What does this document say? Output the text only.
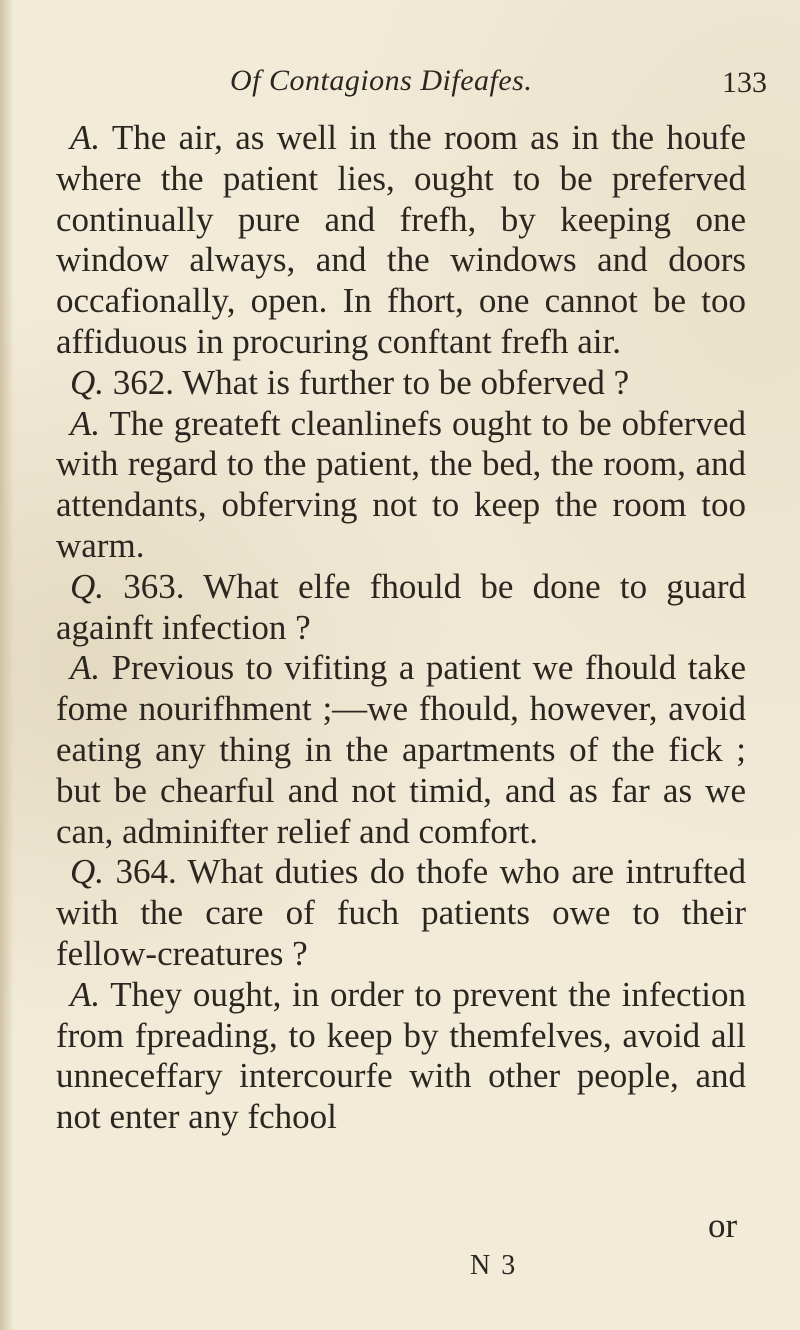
Of Contagions Difeafes.	133

A. The air, as well in the room as in the houfe where the patient lies, ought to be preferved continually pure and frefh, by keeping one window always, and the windows and doors occafionally, open. In fhort, one cannot be too affiduous in procuring conftant frefh air.

Q. 362. What is further to be obferved ?

A. The greateft cleanlinefs ought to be obferved with regard to the patient, the bed, the room, and attendants, obferving not to keep the room too warm.

Q. 363. What elfe fhould be done to guard againft infection ?

A. Previous to vifiting a patient we fhould take fome nourifhment ;—we fhould, however, avoid eating any thing in the apartments of the fick ; but be chearful and not timid, and as far as we can, adminifter relief and comfort.

Q. 364. What duties do thofe who are intrufted with the care of fuch patients owe to their fellow-creatures ?

A. They ought, in order to prevent the infection from fpreading, to keep by themfelves, avoid all unneceffary intercourfe with other people, and not enter any fchool

or
N 3
